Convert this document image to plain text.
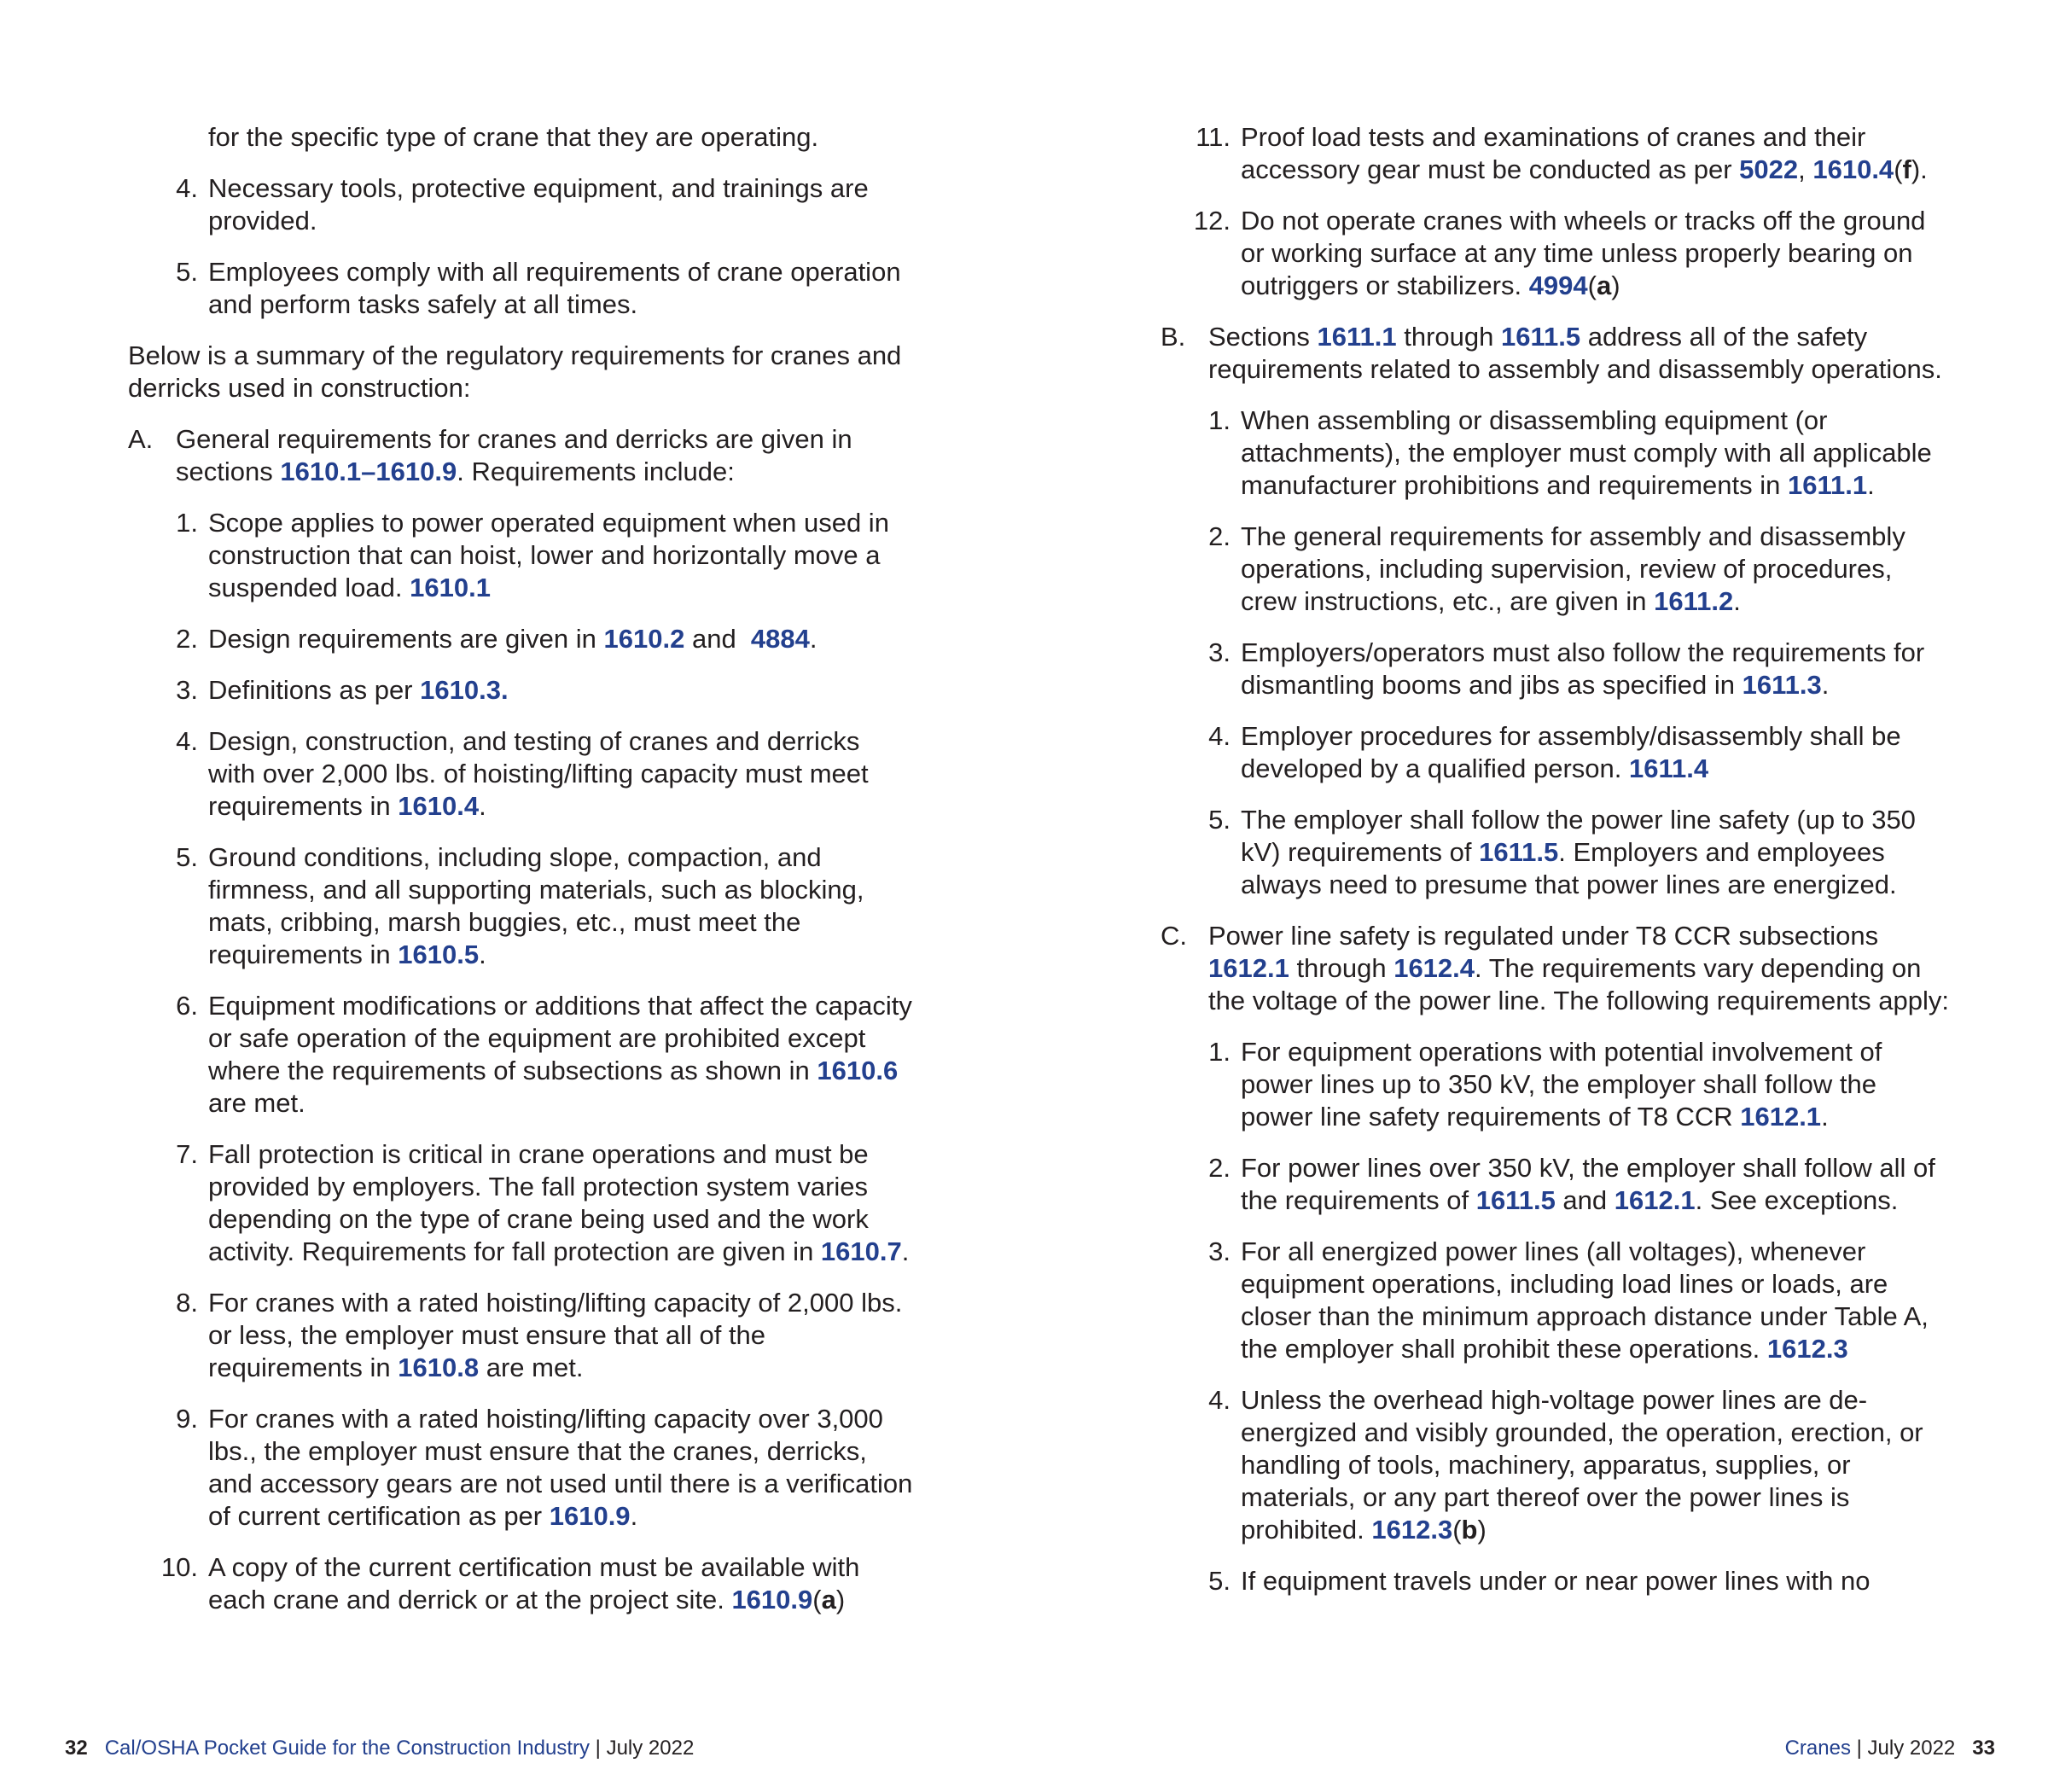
for the specific type of crane that they are operating.
4. Necessary tools, protective equipment, and trainings are provided.
5. Employees comply with all requirements of crane operation and perform tasks safely at all times.

Below is a summary of the regulatory requirements for cranes and derricks used in construction:

A. General requirements for cranes and derricks are given in sections 1610.1–1610.9. Requirements include:
1. Scope applies to power operated equipment when used in construction that can hoist, lower and horizontally move a suspended load. 1610.1
2. Design requirements are given in 1610.2 and  4884.
3. Definitions as per 1610.3.
4. Design, construction, and testing of cranes and derricks with over 2,000 lbs. of hoisting/lifting capacity must meet requirements in 1610.4.
5. Ground conditions, including slope, compaction, and firmness, and all supporting materials, such as blocking, mats, cribbing, marsh buggies, etc., must meet the requirements in 1610.5.
6. Equipment modifications or additions that affect the capacity or safe operation of the equipment are prohibited except where the requirements of subsections as shown in 1610.6 are met.
7. Fall protection is critical in crane operations and must be provided by employers. The fall protection system varies depending on the type of crane being used and the work activity. Requirements for fall protection are given in 1610.7.
8. For cranes with a rated hoisting/lifting capacity of 2,000 lbs. or less, the employer must ensure that all of the requirements in 1610.8 are met.
9. For cranes with a rated hoisting/lifting capacity over 3,000 lbs., the employer must ensure that the cranes, derricks, and accessory gears are not used until there is a verification of current certification as per 1610.9.
10. A copy of the current certification must be available with each crane and derrick or at the project site. 1610.9(a)
11. Proof load tests and examinations of cranes and their accessory gear must be conducted as per 5022, 1610.4(f).
12. Do not operate cranes with wheels or tracks off the ground or working surface at any time unless properly bearing on outriggers or stabilizers. 4994(a)
B. Sections 1611.1 through 1611.5 address all of the safety requirements related to assembly and disassembly operations.
1. When assembling or disassembling equipment (or attachments), the employer must comply with all applicable manufacturer prohibitions and requirements in 1611.1.
2. The general requirements for assembly and disassembly operations, including supervision, review of procedures, crew instructions, etc., are given in 1611.2.
3. Employers/operators must also follow the requirements for dismantling booms and jibs as specified in 1611.3.
4. Employer procedures for assembly/disassembly shall be developed by a qualified person. 1611.4
5. The employer shall follow the power line safety (up to 350 kV) requirements of 1611.5. Employers and employees always need to presume that power lines are energized.
C. Power line safety is regulated under T8 CCR subsections 1612.1 through 1612.4. The requirements vary depending on the voltage of the power line. The following requirements apply:
1. For equipment operations with potential involvement of power lines up to 350 kV, the employer shall follow the power line safety requirements of T8 CCR 1612.1.
2. For power lines over 350 kV, the employer shall follow all of the requirements of 1611.5 and 1612.1. See exceptions.
3. For all energized power lines (all voltages), whenever equipment operations, including load lines or loads, are closer than the minimum approach distance under Table A, the employer shall prohibit these operations. 1612.3
4. Unless the overhead high-voltage power lines are de-energized and visibly grounded, the operation, erection, or handling of tools, machinery, apparatus, supplies, or materials, or any part thereof over the power lines is prohibited. 1612.3(b)
5. If equipment travels under or near power lines with no
32 Cal/OSHA Pocket Guide for the Construction Industry | July 2022	Cranes | July 2022 33
